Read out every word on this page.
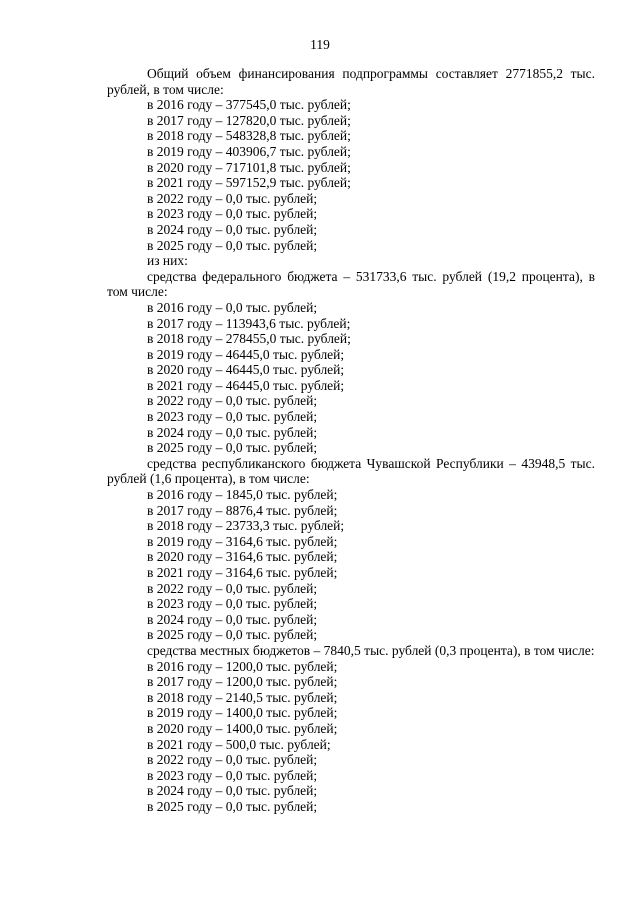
119

Общий объем финансирования подпрограммы составляет 2771855,2 тыс. рублей, в том числе:

в 2016 году – 377545,0 тыс. рублей;

в 2017 году – 127820,0 тыс. рублей;

в 2018 году – 548328,8 тыс. рублей;

в 2019 году – 403906,7 тыс. рублей;

в 2020 году – 717101,8 тыс. рублей;

в 2021 году – 597152,9 тыс. рублей;

в 2022 году – 0,0 тыс. рублей;

в 2023 году – 0,0 тыс. рублей;

в 2024 году – 0,0 тыс. рублей;

в 2025 году – 0,0 тыс. рублей;

из них:

средства федерального бюджета – 531733,6 тыс. рублей (19,2 процента), в том числе:

в 2016 году – 0,0 тыс. рублей;

в 2017 году – 113943,6 тыс. рублей;

в 2018 году – 278455,0 тыс. рублей;

в 2019 году – 46445,0 тыс. рублей;

в 2020 году – 46445,0 тыс. рублей;

в 2021 году – 46445,0 тыс. рублей;

в 2022 году – 0,0 тыс. рублей;

в 2023 году – 0,0 тыс. рублей;

в 2024 году – 0,0 тыс. рублей;

в 2025 году – 0,0 тыс. рублей;

средства республиканского бюджета Чувашской Республики – 43948,5 тыс. рублей (1,6 процента), в том числе:

в 2016 году – 1845,0 тыс. рублей;

в 2017 году – 8876,4 тыс. рублей;

в 2018 году – 23733,3 тыс. рублей;

в 2019 году – 3164,6 тыс. рублей;

в 2020 году – 3164,6 тыс. рублей;

в 2021 году – 3164,6 тыс. рублей;

в 2022 году – 0,0 тыс. рублей;

в 2023 году – 0,0 тыс. рублей;

в 2024 году – 0,0 тыс. рублей;

в 2025 году – 0,0 тыс. рублей;

средства местных бюджетов – 7840,5 тыс. рублей (0,3 процента), в том числе:

в 2016 году – 1200,0 тыс. рублей;

в 2017 году – 1200,0 тыс. рублей;

в 2018 году – 2140,5 тыс. рублей;

в 2019 году – 1400,0 тыс. рублей;

в 2020 году – 1400,0 тыс. рублей;

в 2021 году – 500,0 тыс. рублей;

в 2022 году – 0,0 тыс. рублей;

в 2023 году – 0,0 тыс. рублей;

в 2024 году – 0,0 тыс. рублей;

в 2025 году – 0,0 тыс. рублей;
